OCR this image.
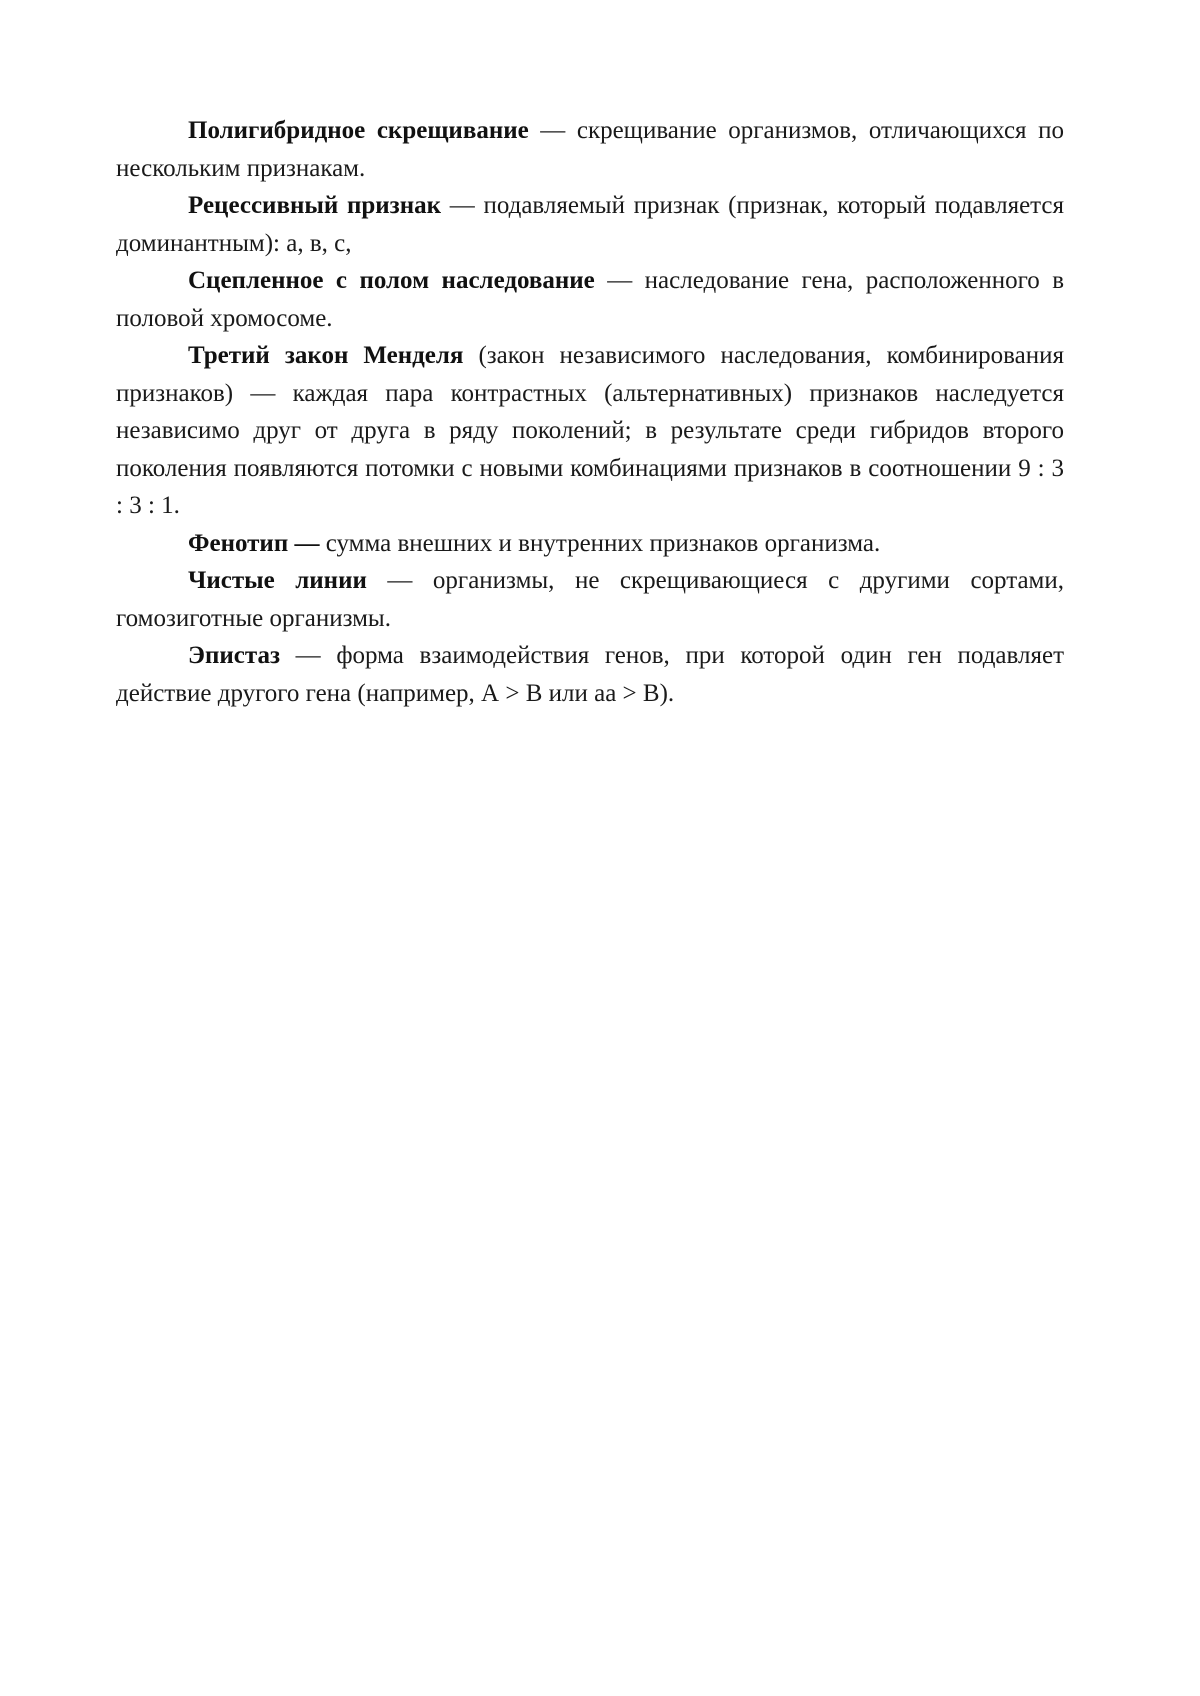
Полигибридное скрещивание — скрещивание организмов, отличающихся по нескольким признакам.

Рецессивный признак — подавляемый признак (признак, который подавляется доминантным): а, в, с,

Сцепленное с полом наследование — наследование гена, расположенного в половой хромосоме.

Третий закон Менделя (закон независимого наследования, комбинирования признаков) — каждая пара контрастных (альтернативных) признаков наследуется независимо друг от друга в ряду поколений; в результате среди гибридов второго поколения появляются потомки с новыми комбинациями признаков в соотношении 9 : 3 : 3 : 1.

Фенотип — сумма внешних и внутренних признаков организма.

Чистые линии — организмы, не скрещивающиеся с другими сортами, гомозиготные организмы.

Эпистаз — форма взаимодействия генов, при которой один ген подавляет действие другого гена (например, А > В или аа > В).
